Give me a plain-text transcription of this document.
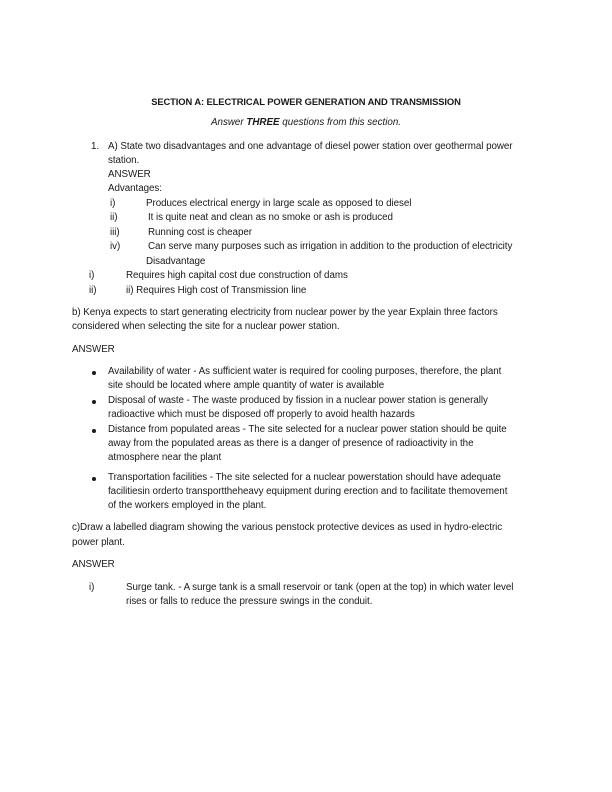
SECTION A: ELECTRICAL POWER GENERATION AND TRANSMISSION
Answer THREE questions from this section.
1. A) State two disadvantages and one advantage of diesel power station over geothermal power
station.
ANSWER
Advantages:
i)	Produces electrical energy in large scale as opposed to diesel
ii)	It is quite neat and clean as no smoke or ash is produced
iii)	Running cost is cheaper
iv)	Can serve many purposes such as irrigation in addition to the production of electricity
Disadvantage
i)	Requires high capital cost due construction of dams
ii)	ii) Requires High cost of Transmission line
b) Kenya expects to start generating electricity from nuclear power by the year Explain three factors
considered when selecting the site for a nuclear power station.
ANSWER
Availability of water - As sufficient water is required for cooling purposes, therefore, the plant
site should be located where ample quantity of water is available
Disposal of waste - The waste produced by fission in a nuclear power station is generally
radioactive which must be disposed off properly to avoid health hazards
Distance from populated areas - The site selected for a nuclear power station should be quite
away from the populated areas as there is a danger of presence of radioactivity in the
atmosphere near the plant
Transportation facilities - The site selected for a nuclear powerstation should have adequate
facilitiesin orderto transporttheheavy equipment during erection and to facilitate themovement
of the workers employed in the plant.
c)Draw a labelled diagram showing the various penstock protective devices as used in hydro-electric
power plant.
ANSWER
i)	Surge tank. - A surge tank is a small reservoir or tank (open at the top) in which water level
rises or falls to reduce the pressure swings in the conduit.
